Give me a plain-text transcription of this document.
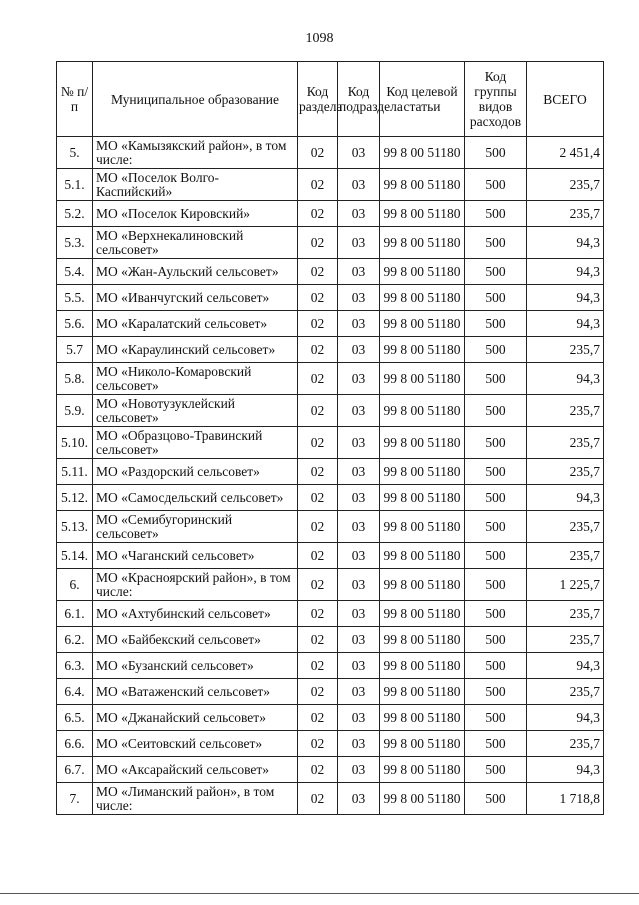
1098
№ п/п	Муниципальное образование	Код раздела	Код подраздела	Код целевой статьи	Код группы видов расходов	ВСЕГО
5.	МО «Камызякский район», в том числе:	02	03	99 8 00 51180	500	2 451,4
5.1.	МО «Поселок Волго-Каспийский»	02	03	99 8 00 51180	500	235,7
5.2.	МО «Поселок Кировский»	02	03	99 8 00 51180	500	235,7
5.3.	МО «Верхнекалиновский сельсовет»	02	03	99 8 00 51180	500	94,3
5.4.	МО «Жан-Аульский сельсовет»	02	03	99 8 00 51180	500	94,3
5.5.	МО «Иванчугский сельсовет»	02	03	99 8 00 51180	500	94,3
5.6.	МО «Каралатский сельсовет»	02	03	99 8 00 51180	500	94,3
5.7	МО «Караулинский сельсовет»	02	03	99 8 00 51180	500	235,7
5.8.	МО «Николо-Комаровский сельсовет»	02	03	99 8 00 51180	500	94,3
5.9.	МО «Новотузуклейский сельсовет»	02	03	99 8 00 51180	500	235,7
5.10.	МО «Образцово-Травинский сельсовет»	02	03	99 8 00 51180	500	235,7
5.11.	МО «Раздорский сельсовет»	02	03	99 8 00 51180	500	235,7
5.12.	МО «Самосдельский сельсовет»	02	03	99 8 00 51180	500	94,3
5.13.	МО «Семибугоринский сельсовет»	02	03	99 8 00 51180	500	235,7
5.14.	МО «Чаганский сельсовет»	02	03	99 8 00 51180	500	235,7
6.	МО «Красноярский район», в том числе:	02	03	99 8 00 51180	500	1 225,7
6.1.	МО «Ахтубинский сельсовет»	02	03	99 8 00 51180	500	235,7
6.2.	МО «Байбекский сельсовет»	02	03	99 8 00 51180	500	235,7
6.3.	МО «Бузанский сельсовет»	02	03	99 8 00 51180	500	94,3
6.4.	МО «Ватаженский сельсовет»	02	03	99 8 00 51180	500	235,7
6.5.	МО «Джанайский сельсовет»	02	03	99 8 00 51180	500	94,3
6.6.	МО «Сеитовский сельсовет»	02	03	99 8 00 51180	500	235,7
6.7.	МО «Аксарайский сельсовет»	02	03	99 8 00 51180	500	94,3
7.	МО «Лиманский район», в том числе:	02	03	99 8 00 51180	500	1 718,8
